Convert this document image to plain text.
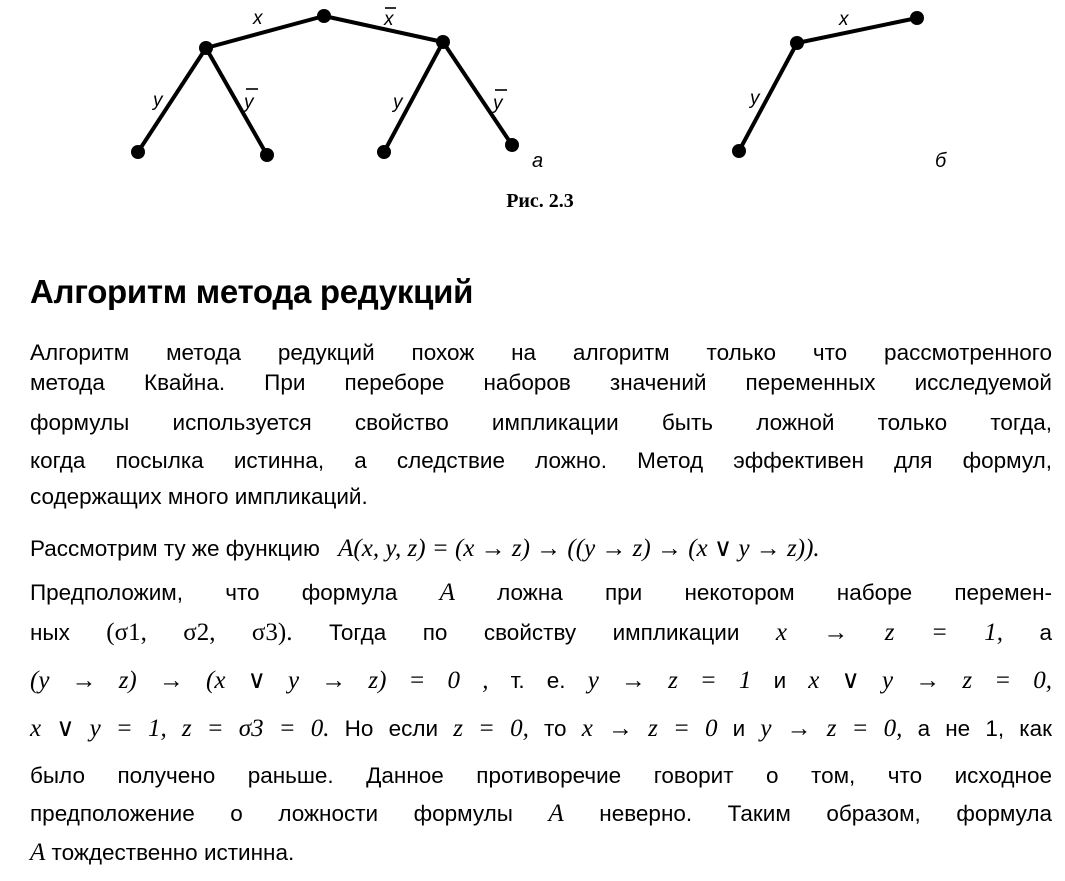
x	x
y	y	y	y
а
x
y
б
Рис. 2.3
Алгоритм метода редукций
Алгоритм метода редукций похож на алгоритм только что рассмотренного
метода Квайна. При переборе наборов значений переменных исследуемой
формулы используется свойство импликации быть ложной только тогда,
когда посылка истинна, а следствие ложно. Метод эффективен для формул,
содержащих много импликаций.
Рассмотрим ту же функцию A(x, y, z) = (x → z) → ((y → z) → (x ∨ y → z)).
Предположим, что формула A ложна при некотором наборе перемен-
ных (σ1, σ2, σ3). Тогда по свойству импликации x → z = 1, а
(y → z) → (x ∨ y → z) = 0 , т. е. y → z = 1 и x ∨ y → z = 0,
x ∨ y = 1, z = σ3 = 0. Но если z = 0, то x → z = 0 и y → z = 0, а не 1, как
было получено раньше. Данное противоречие говорит о том, что исходное
предположение о ложности формулы A неверно. Таким образом, формула
A тождественно истинна.
